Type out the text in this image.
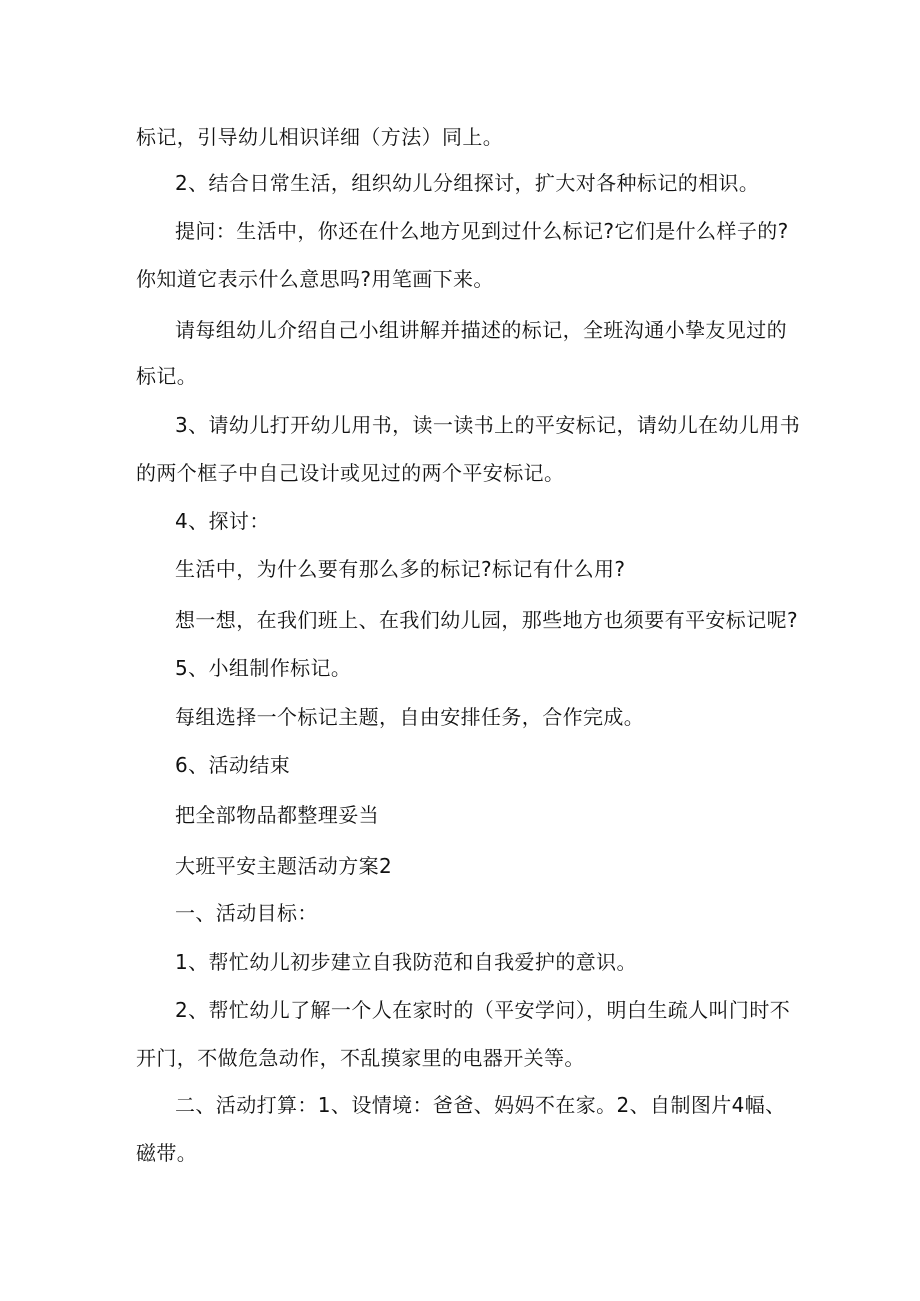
标记，引导幼儿相识详细（方法）同上。
2、结合日常生活，组织幼儿分组探讨，扩大对各种标记的相识。
提问：生活中，你还在什么地方见到过什么标记?它们是什么样子的?
你知道它表示什么意思吗?用笔画下来。
请每组幼儿介绍自己小组讲解并描述的标记，全班沟通小挚友见过的
标记。
3、请幼儿打开幼儿用书，读一读书上的平安标记，请幼儿在幼儿用书
的两个框子中自己设计或见过的两个平安标记。
4、探讨：
生活中，为什么要有那么多的标记?标记有什么用?
想一想，在我们班上、在我们幼儿园，那些地方也须要有平安标记呢?
5、小组制作标记。
每组选择一个标记主题，自由安排任务，合作完成。
6、活动结束
把全部物品都整理妥当
大班平安主题活动方案2
一、活动目标：
1、帮忙幼儿初步建立自我防范和自我爱护的意识。
2、帮忙幼儿了解一个人在家时的（平安学问），明白生疏人叫门时不
开门，不做危急动作，不乱摸家里的电器开关等。
二、活动打算：1、设情境：爸爸、妈妈不在家。2、自制图片4幅、
磁带。
